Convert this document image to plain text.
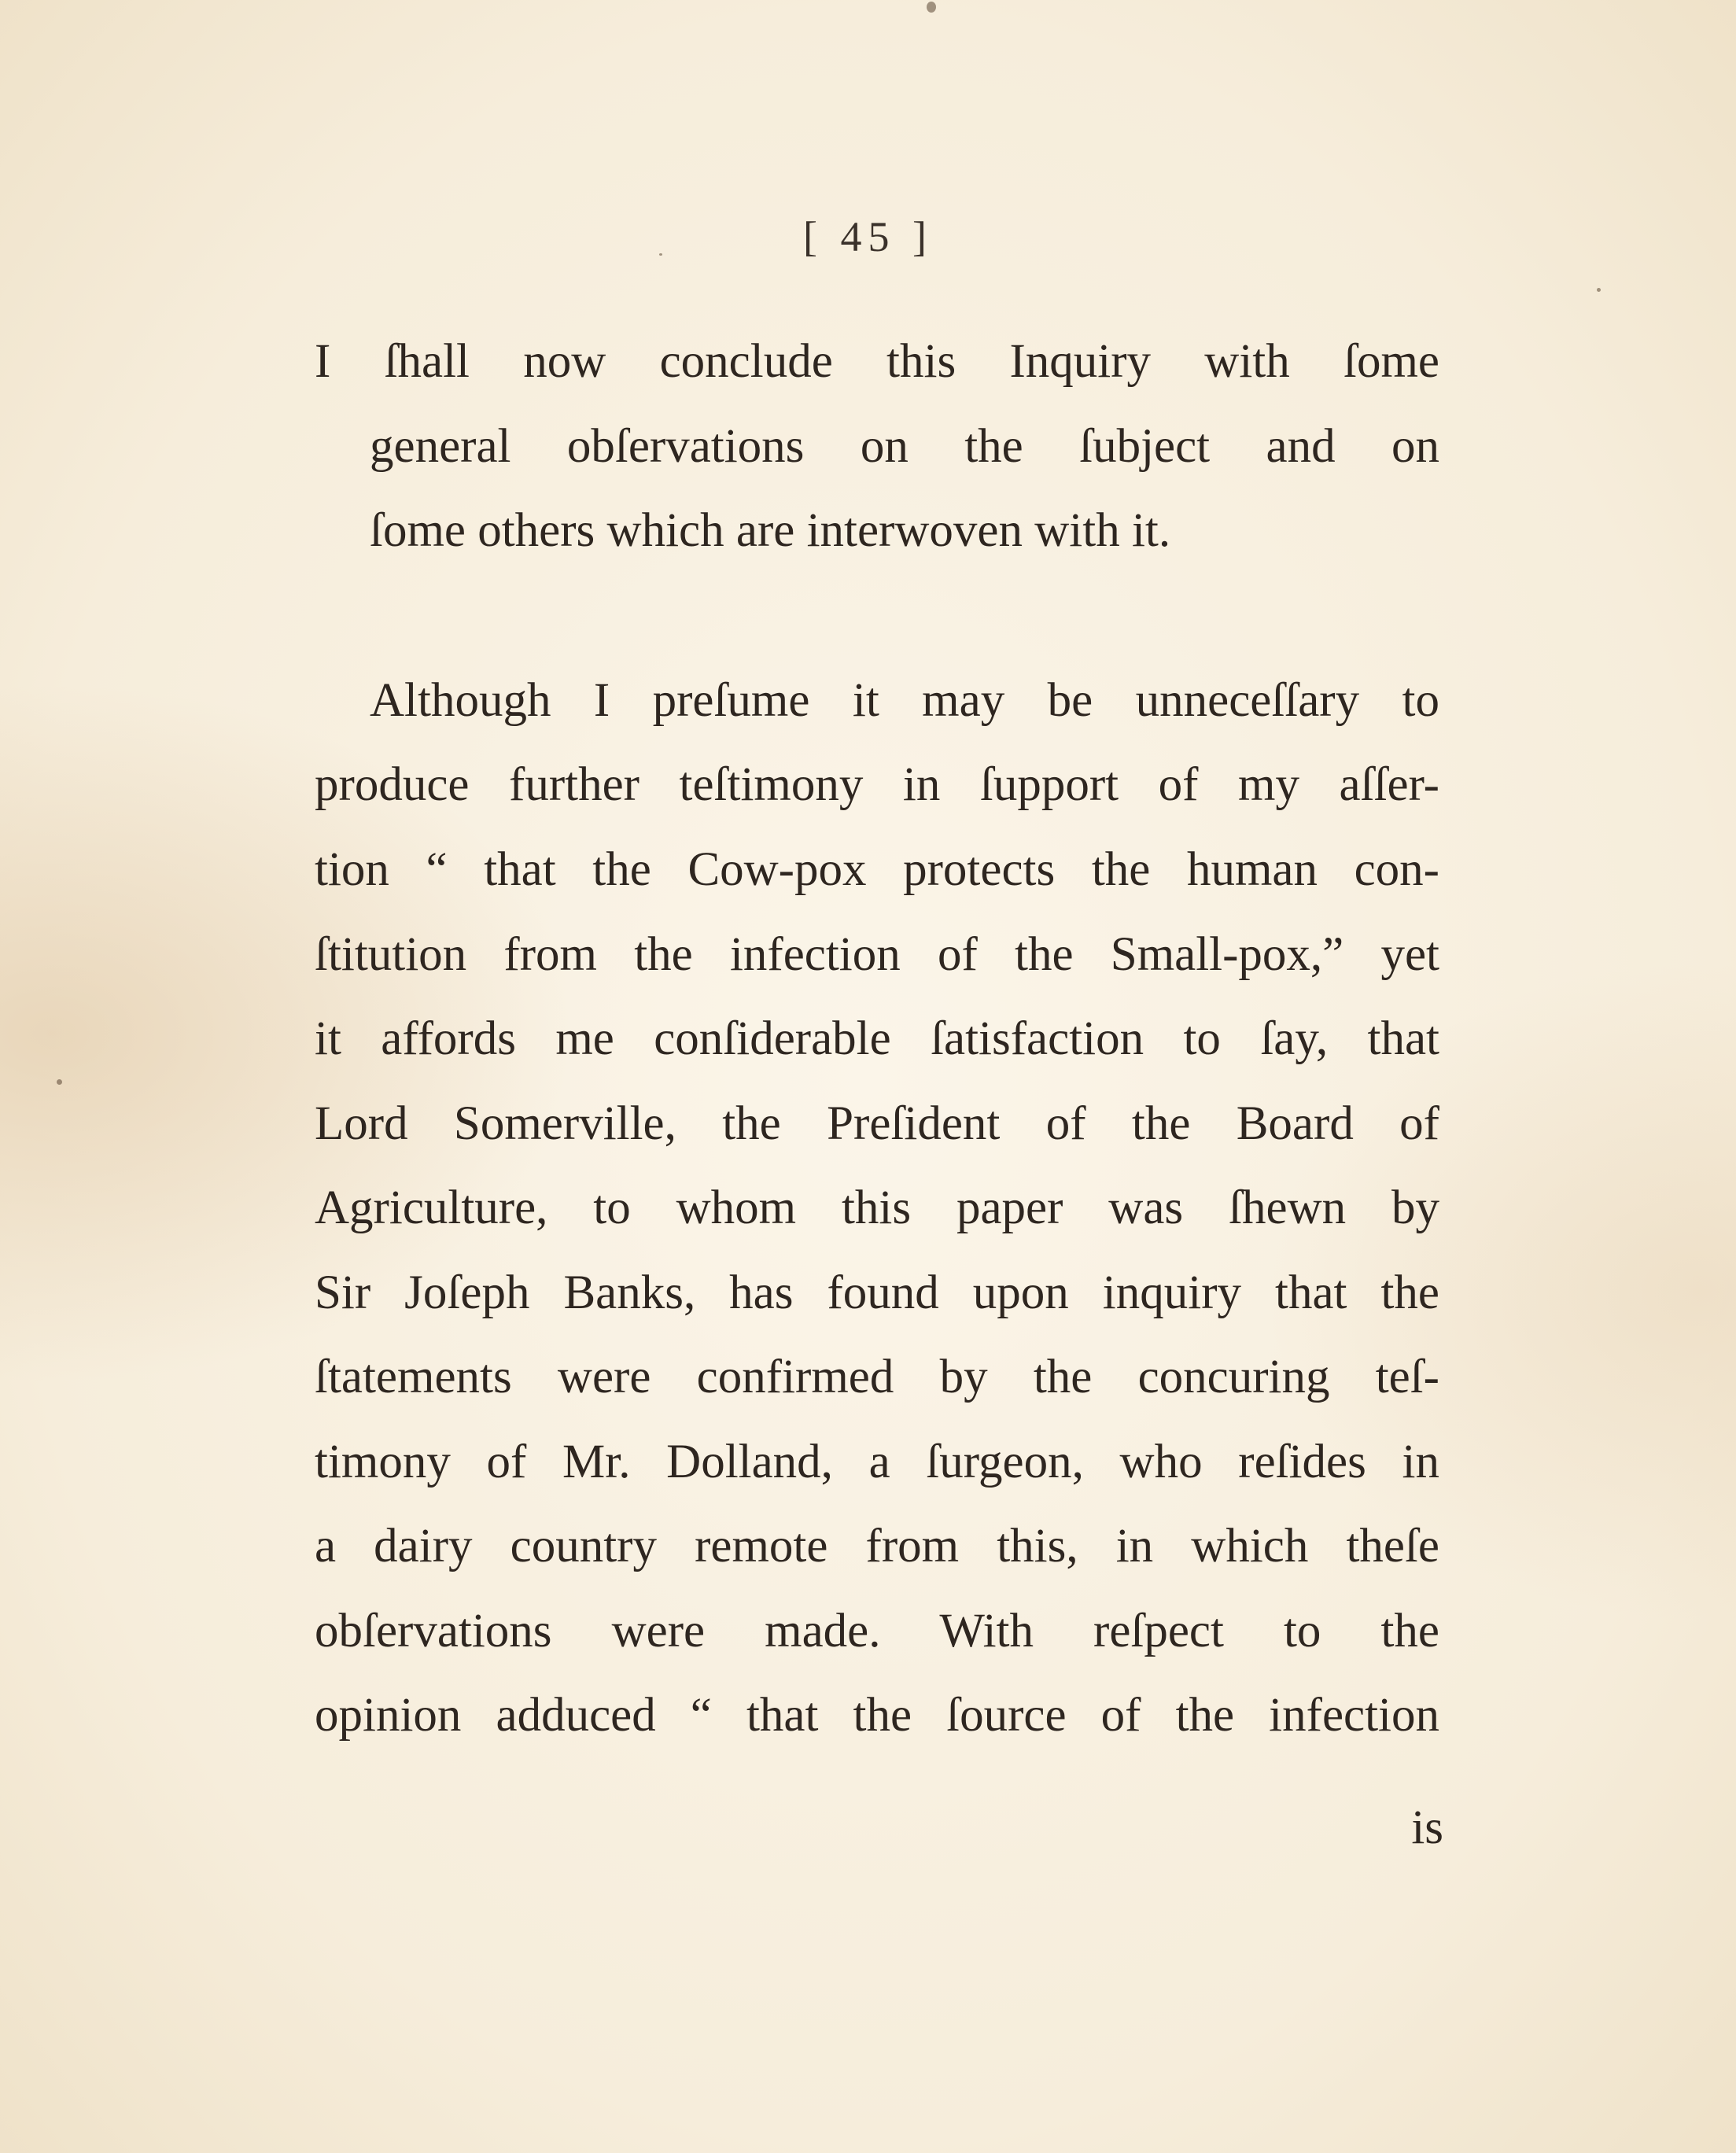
[ 45 ]
I ſhall now conclude this Inquiry with ſome
general obſervations on the ſubject and on
ſome others which are interwoven with it.
Although I preſume it may be unneceſſary to
produce further teſtimony in ſupport of my aſſer-
tion “ that the Cow-pox protects the human con-
ſtitution from the infection of the Small-pox,” yet
it affords me conſiderable ſatisfaction to ſay, that
Lord Somerville, the Preſident of the Board of
Agriculture, to whom this paper was ſhewn by
Sir Joſeph Banks, has found upon inquiry that the
ſtatements were confirmed by the concuring teſ-
timony of Mr. Dolland, a ſurgeon, who reſides in
a dairy country remote from this, in which theſe
obſervations were made. With reſpect to the
opinion adduced “ that the ſource of the infection
is
